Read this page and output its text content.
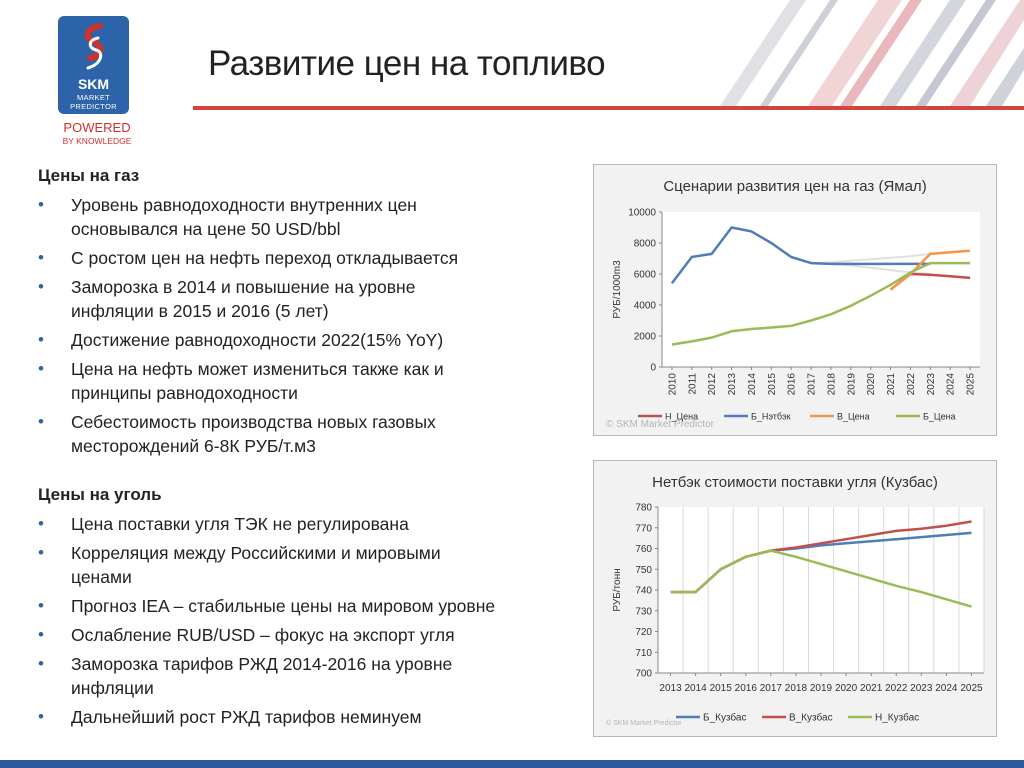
SKM
MARKET
PREDICTOR
POWERED
BY KNOWLEDGE
Развитие цен на топливо
Цены на газ
• Уровень равнодоходности внутренних цен
основывался на цене 50 USD/bbl
• С ростом цен на нефть переход откладывается
• Заморозка в 2014 и повышение на уровне
инфляции в 2015 и 2016 (5 лет)
• Достижение равнодоходности 2022(15% YoY)
• Цена на нефть может измениться также как и
принципы равнодоходности
• Себестоимость производства новых газовых
месторождений 6-8К РУБ/т.м3
Цены на уголь
• Цена поставки угля ТЭК не регулирована
• Корреляция между Российскими и мировыми
ценами
• Прогноз IEA – стабильные цены на мировом уровне
• Ослабление RUB/USD – фокус на экспорт угля
• Заморозка тарифов РЖД 2014-2016 на уровне
инфляции
• Дальнейший рост РЖД тарифов неминуем
Сценарии развития цен на газ (Ямал)
0
2000
4000
6000
8000
10000
2010 2011 2012 2013 2014 2015 2016 2017 2018 2019 2020 2021 2022 2023 2024 2025
РУБ/1000m3
© SKM Market Predictor
Н_Цена	Б_Нэтбэк	В_Цена	Б_Цена
Нетбэк стоимости поставки угля (Кузбас)
700
710
720
730
740
750
760
770
780
2013 2014 2015 2016 2017 2018 2019 2020 2021 2022 2023 2024 2025
РУБ/тонн
© SKM Market Predictor Б_Кузбас	В_Кузбас	Н_Кузбас
